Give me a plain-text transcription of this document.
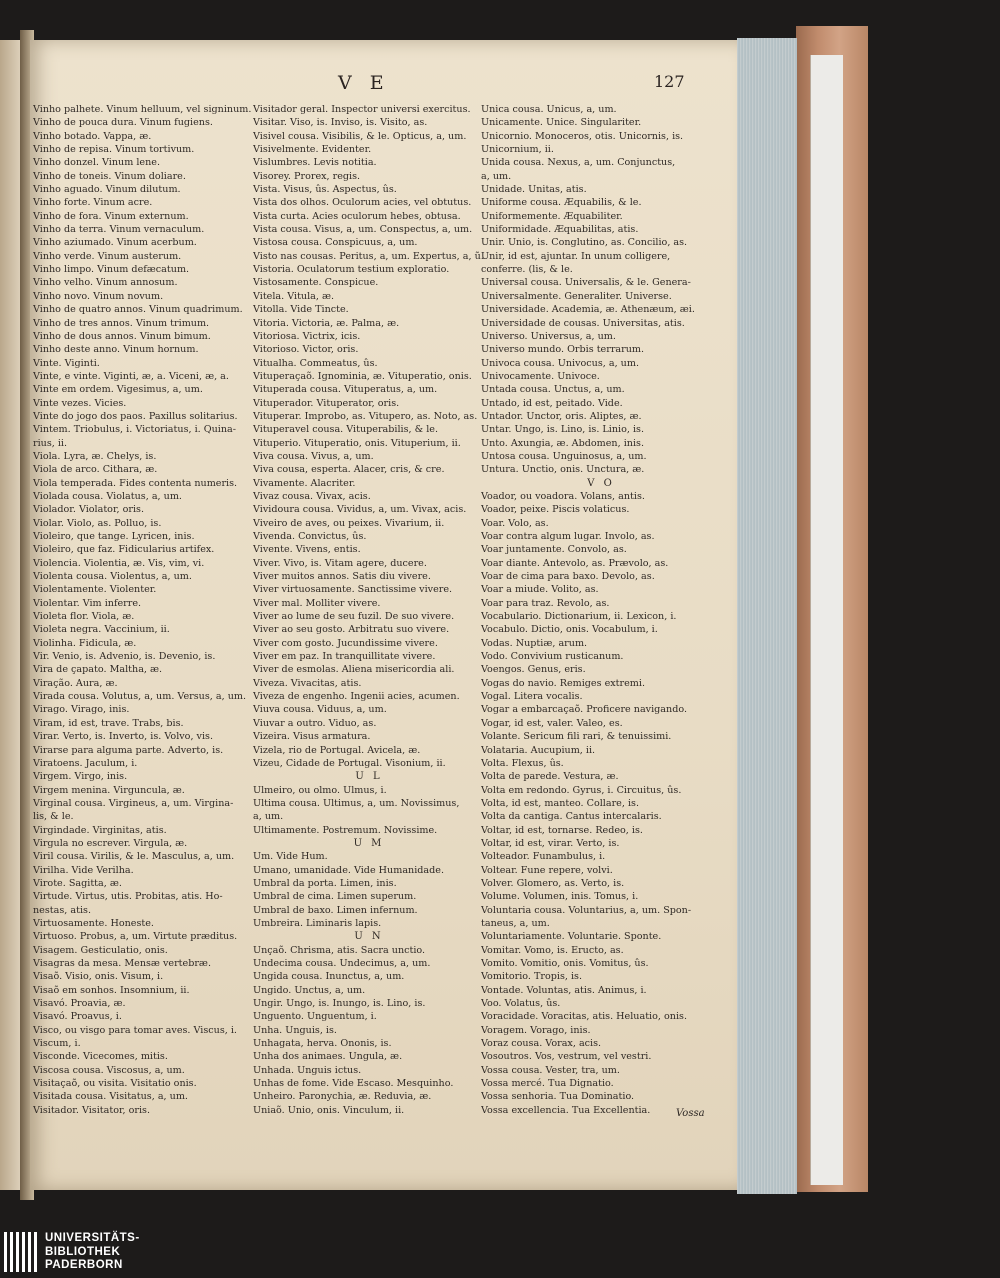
V E	127
Vinho palhete. Vinum helluum, vel signinum.
Vinho de pouca dura. Vinum fugiens.
Vinho botado. Vappa, æ.
Vinho de repisa. Vinum tortivum.
Vinho donzel. Vinum lene.
Vinho de toneis. Vinum doliare.
Vinho aguado. Vinum dilutum.
Vinho forte. Vinum acre.
Vinho de fora. Vinum externum.
Vinho da terra. Vinum vernaculum.
Vinho aziumado. Vinum acerbum.
Vinho verde. Vinum austerum.
Vinho limpo. Vinum defæcatum.
Vinho velho. Vinum annosum.
Vinho novo. Vinum novum.
Vinho de quatro annos. Vinum quadrimum.
Vinho de tres annos. Vinum trimum.
Vinho de dous annos. Vinum bimum.
Vinho deste anno. Vinum hornum.
Vinte. Viginti.
Vinte, e vinte. Viginti, æ, a. Viceni, æ, a.
Vinte em ordem. Vigesimus, a, um.
Vinte vezes. Vicies.
Vinte do jogo dos paos. Paxillus solitarius.
Vintem. Triobulus, i. Victoriatus, i. Quina-
rius, ii.
Viola. Lyra, æ. Chelys, is.
Viola de arco. Cithara, æ.
Viola temperada. Fides contenta numeris.
Violada cousa. Violatus, a, um.
Violador. Violator, oris.
Violar. Violo, as. Polluo, is.
Violeiro, que tange. Lyricen, inis.
Violeiro, que faz. Fidicularius artifex.
Violencia. Violentia, æ. Vis, vim, vi.
Violenta cousa. Violentus, a, um.
Violentamente. Violenter.
Violentar. Vim inferre.
Violeta flor. Viola, æ.
Violeta negra. Vaccinium, ii.
Violinha. Fidicula, æ.
Vir. Venio, is. Advenio, is. Devenio, is.
Vira de çapato. Maltha, æ.
Viração. Aura, æ.
Virada cousa. Volutus, a, um. Versus, a, um.
Virago. Virago, inis.
Viram, id est, trave. Trabs, bis.
Virar. Verto, is. Inverto, is. Volvo, vis.
Virarse para alguma parte. Adverto, is.
Viratoens. Jaculum, i.
Virgem. Virgo, inis.
Virgem menina. Virguncula, æ.
Virginal cousa. Virgineus, a, um. Virgina-
lis, & le.
Virgindade. Virginitas, atis.
Virgula no escrever. Virgula, æ.
Viril cousa. Virilis, & le. Masculus, a, um.
Virilha. Vide Verilha.
Virote. Sagitta, æ.
Virtude. Virtus, utis. Probitas, atis. Ho-
nestas, atis.
Virtuosamente. Honeste.
Virtuoso. Probus, a, um. Virtute præditus.
Visagem. Gesticulatio, onis.
Visagras da mesa. Mensæ vertebræ.
Visaõ. Visio, onis. Visum, i.
Visaõ em sonhos. Insomnium, ii.
Visavó. Proavia, æ.
Visavó. Proavus, i.
Visco, ou visgo para tomar aves. Viscus, i.
Viscum, i.
Visconde. Vicecomes, mitis.
Viscosa cousa. Viscosus, a, um.
Visitaçaõ, ou visita. Visitatio onis.
Visitada cousa. Visitatus, a, um.
Visitador. Visitator, oris.
Visitador geral. Inspector universi exercitus.
Visitar. Viso, is. Inviso, is. Visito, as.
Visivel cousa. Visibilis, & le. Opticus, a, um.
Visivelmente. Evidenter.
Vislumbres. Levis notitia.
Visorey. Prorex, regis.
Vista. Visus, ûs. Aspectus, ûs.
Vista dos olhos. Oculorum acies, vel obtutus.
Vista curta. Acies oculorum hebes, obtusa.
Vista cousa. Visus, a, um. Conspectus, a, um.
Vistosa cousa. Conspicuus, a, um.
Visto nas cousas. Peritus, a, um. Expertus, a, ũ.
Vistoria. Oculatorum testium exploratio.
Vistosamente. Conspicue.
Vitela. Vitula, æ.
Vitolla. Vide Tincte.
Vitoria. Victoria, æ. Palma, æ.
Vitoriosa. Victrix, icis.
Vitorioso. Victor, oris.
Vitualha. Commeatus, ûs.
Vituperaçaõ. Ignominia, æ. Vituperatio, onis.
Vituperada cousa. Vituperatus, a, um.
Vituperador. Vituperator, oris.
Vituperar. Improbo, as. Vitupero, as. Noto, as.
Vituperavel cousa. Vituperabilis, & le.
Vituperio. Vituperatio, onis. Vituperium, ii.
Viva cousa. Vivus, a, um.
Viva cousa, esperta. Alacer, cris, & cre.
Vivamente. Alacriter.
Vivaz cousa. Vivax, acis.
Vividoura cousa. Vividus, a, um. Vivax, acis.
Viveiro de aves, ou peixes. Vivarium, ii.
Vivenda. Convictus, ûs.
Vivente. Vivens, entis.
Viver. Vivo, is. Vitam agere, ducere.
Viver muitos annos. Satis diu vivere.
Viver virtuosamente. Sanctissime vivere.
Viver mal. Molliter vivere.
Viver ao lume de seu fuzil. De suo vivere.
Viver ao seu gosto. Arbitratu suo vivere.
Viver com gosto. Jucundissime vivere.
Viver em paz. In tranquillitate vivere.
Viver de esmolas. Aliena misericordia ali.
Viveza. Vivacitas, atis.
Viveza de engenho. Ingenii acies, acumen.
Viuva cousa. Viduus, a, um.
Viuvar a outro. Viduo, as.
Vizeira. Visus armatura.
Vizela, rio de Portugal. Avicela, æ.
Vizeu, Cidade de Portugal. Visonium, ii.
U L
Ulmeiro, ou olmo. Ulmus, i.
Ultima cousa. Ultimus, a, um. Novissimus,
a, um.
Ultimamente. Postremum. Novissime.
U M
Um. Vide Hum.
Umano, umanidade. Vide Humanidade.
Umbral da porta. Limen, inis.
Umbral de cima. Limen superum.
Umbral de baxo. Limen infernum.
Umbreira. Liminaris lapis.
U N
Unçaõ. Chrisma, atis. Sacra unctio.
Undecima cousa. Undecimus, a, um.
Ungida cousa. Inunctus, a, um.
Ungido. Unctus, a, um.
Ungir. Ungo, is. Inungo, is. Lino, is.
Unguento. Unguentum, i.
Unha. Unguis, is.
Unhagata, herva. Ononis, is.
Unha dos animaes. Ungula, æ.
Unhada. Unguis ictus.
Unhas de fome. Vide Escaso. Mesquinho.
Unheiro. Paronychia, æ. Reduvia, æ.
Uniaõ. Unio, onis. Vinculum, ii.
Unica cousa. Unicus, a, um.
Unicamente. Unice. Singulariter.
Unicornio. Monoceros, otis. Unicornis, is.
Unicornium, ii.
Unida cousa. Nexus, a, um. Conjunctus,
a, um.
Unidade. Unitas, atis.
Uniforme cousa. Æquabilis, & le.
Uniformemente. Æquabiliter.
Uniformidade. Æquabilitas, atis.
Unir. Unio, is. Conglutino, as. Concilio, as.
Unir, id est, ajuntar. In unum colligere,
conferre. (lis, & le.
Universal cousa. Universalis, & le. Genera-
Universalmente. Generaliter. Universe.
Universidade. Academia, æ. Athenæum, æi.
Universidade de cousas. Universitas, atis.
Universo. Universus, a, um.
Universo mundo. Orbis terrarum.
Univoca cousa. Univocus, a, um.
Univocamente. Univoce.
Untada cousa. Unctus, a, um.
Untado, id est, peitado. Vide.
Untador. Unctor, oris. Aliptes, æ.
Untar. Ungo, is. Lino, is. Linio, is.
Unto. Axungia, æ. Abdomen, inis.
Untosa cousa. Unguinosus, a, um.
Untura. Unctio, onis. Unctura, æ.
V O
Voador, ou voadora. Volans, antis.
Voador, peixe. Piscis volaticus.
Voar. Volo, as.
Voar contra algum lugar. Involo, as.
Voar juntamente. Convolo, as.
Voar diante. Antevolo, as. Prævolo, as.
Voar de cima para baxo. Devolo, as.
Voar a miude. Volito, as.
Voar para traz. Revolo, as.
Vocabulario. Dictionarium, ii. Lexicon, i.
Vocabulo. Dictio, onis. Vocabulum, i.
Vodas. Nuptiæ, arum.
Vodo. Convivium rusticanum.
Voengos. Genus, eris.
Vogas do navio. Remiges extremi.
Vogal. Litera vocalis.
Vogar a embarcaçaõ. Proficere navigando.
Vogar, id est, valer. Valeo, es.
Volante. Sericum fili rari, & tenuissimi.
Volataria. Aucupium, ii.
Volta. Flexus, ûs.
Volta de parede. Vestura, æ.
Volta em redondo. Gyrus, i. Circuitus, ûs.
Volta, id est, manteo. Collare, is.
Volta da cantiga. Cantus intercalaris.
Voltar, id est, tornarse. Redeo, is.
Voltar, id est, virar. Verto, is.
Volteador. Funambulus, i.
Voltear. Fune repere, volvi.
Volver. Glomero, as. Verto, is.
Volume. Volumen, inis. Tomus, i.
Voluntaria cousa. Voluntarius, a, um. Spon-
taneus, a, um.
Voluntariamente. Voluntarie. Sponte.
Vomitar. Vomo, is. Eructo, as.
Vomito. Vomitio, onis. Vomitus, ûs.
Vomitorio. Tropis, is.
Vontade. Voluntas, atis. Animus, i.
Voo. Volatus, ûs.
Voracidade. Voracitas, atis. Heluatio, onis.
Voragem. Vorago, inis.
Voraz cousa. Vorax, acis.
Vosoutros. Vos, vestrum, vel vestri.
Vossa cousa. Vester, tra, um.
Vossa mercé. Tua Dignatio.
Vossa senhoria. Tua Dominatio.
Vossa excellencia. Tua Excellentia.	Vossa
UNIVERSITÄTS-
BIBLIOTHEK
PADERBORN
